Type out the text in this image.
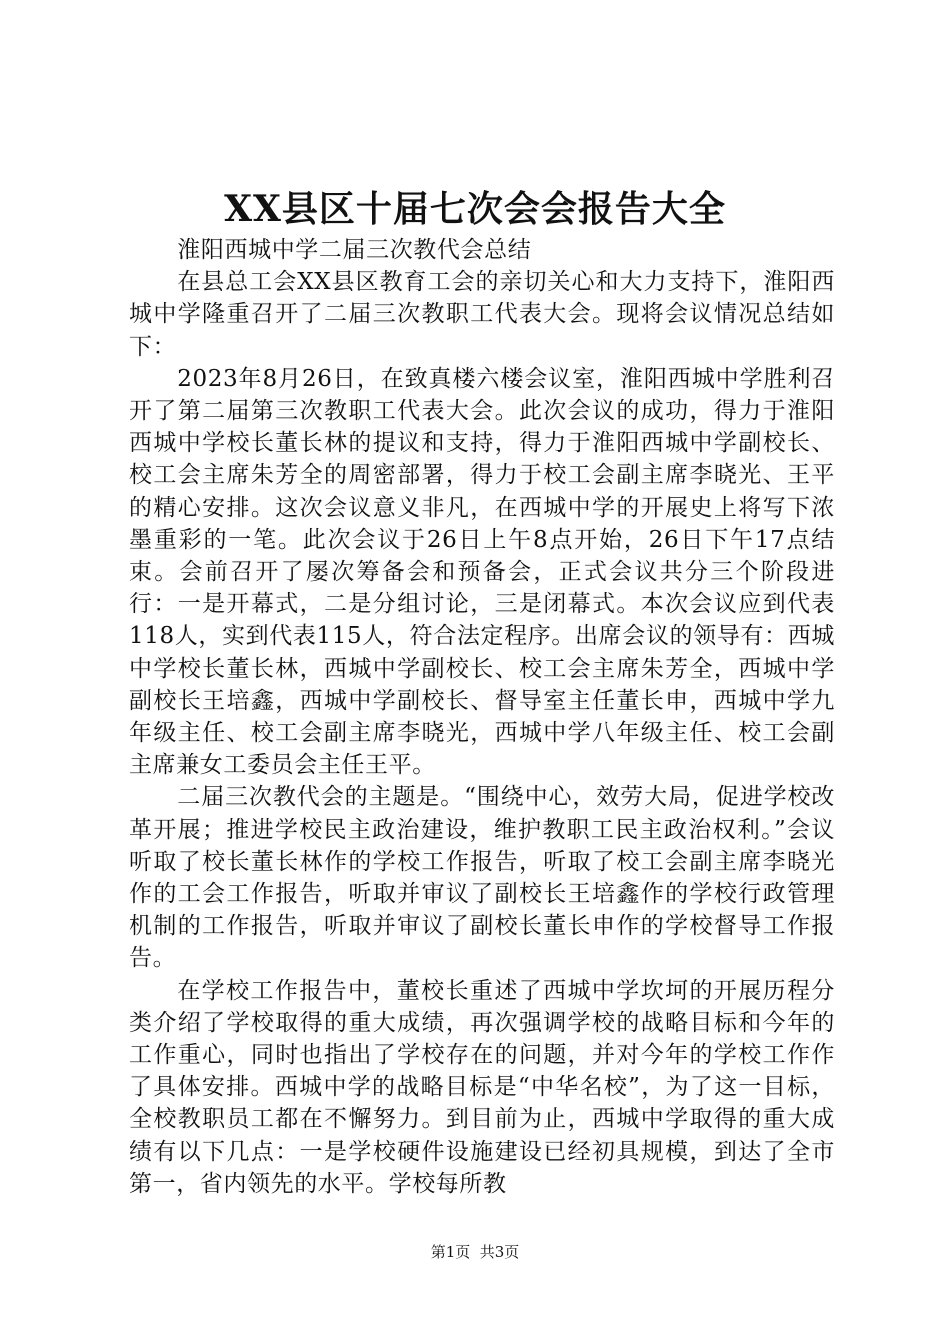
XX县区十届七次会会报告大全

淮阳西城中学二届三次教代会总结

在县总工会XX县区教育工会的亲切关心和大力支持下，淮阳西城中学隆重召开了二届三次教职工代表大会。现将会议情况总结如下：

2023年8月26日，在致真楼六楼会议室，淮阳西城中学胜利召开了第二届第三次教职工代表大会。此次会议的成功，得力于淮阳西城中学校长董长林的提议和支持，得力于淮阳西城中学副校长、校工会主席朱芳全的周密部署，得力于校工会副主席李晓光、王平的精心安排。这次会议意义非凡，在西城中学的开展史上将写下浓墨重彩的一笔。此次会议于26日上午8点开始，26日下午17点结束。会前召开了屡次筹备会和预备会，正式会议共分三个阶段进行：一是开幕式，二是分组讨论，三是闭幕式。本次会议应到代表118人，实到代表115人，符合法定程序。出席会议的领导有：西城中学校长董长林，西城中学副校长、校工会主席朱芳全，西城中学副校长王培鑫，西城中学副校长、督导室主任董长申，西城中学九年级主任、校工会副主席李晓光，西城中学八年级主任、校工会副主席兼女工委员会主任王平。

二届三次教代会的主题是。“围绕中心，效劳大局，促进学校改革开展；推进学校民主政治建设，维护教职工民主政治权利。”会议听取了校长董长林作的学校工作报告，听取了校工会副主席李晓光作的工会工作报告，听取并审议了副校长王培鑫作的学校行政管理机制的工作报告，听取并审议了副校长董长申作的学校督导工作报告。

在学校工作报告中，董校长重述了西城中学坎坷的开展历程分类介绍了学校取得的重大成绩，再次强调学校的战略目标和今年的工作重心，同时也指出了学校存在的问题，并对今年的学校工作作了具体安排。西城中学的战略目标是“中华名校”，为了这一目标，全校教职员工都在不懈努力。到目前为止，西城中学取得的重大成绩有以下几点：一是学校硬件设施建设已经初具规模，到达了全市第一，省内领先的水平。学校每所教

第1页  共3页
